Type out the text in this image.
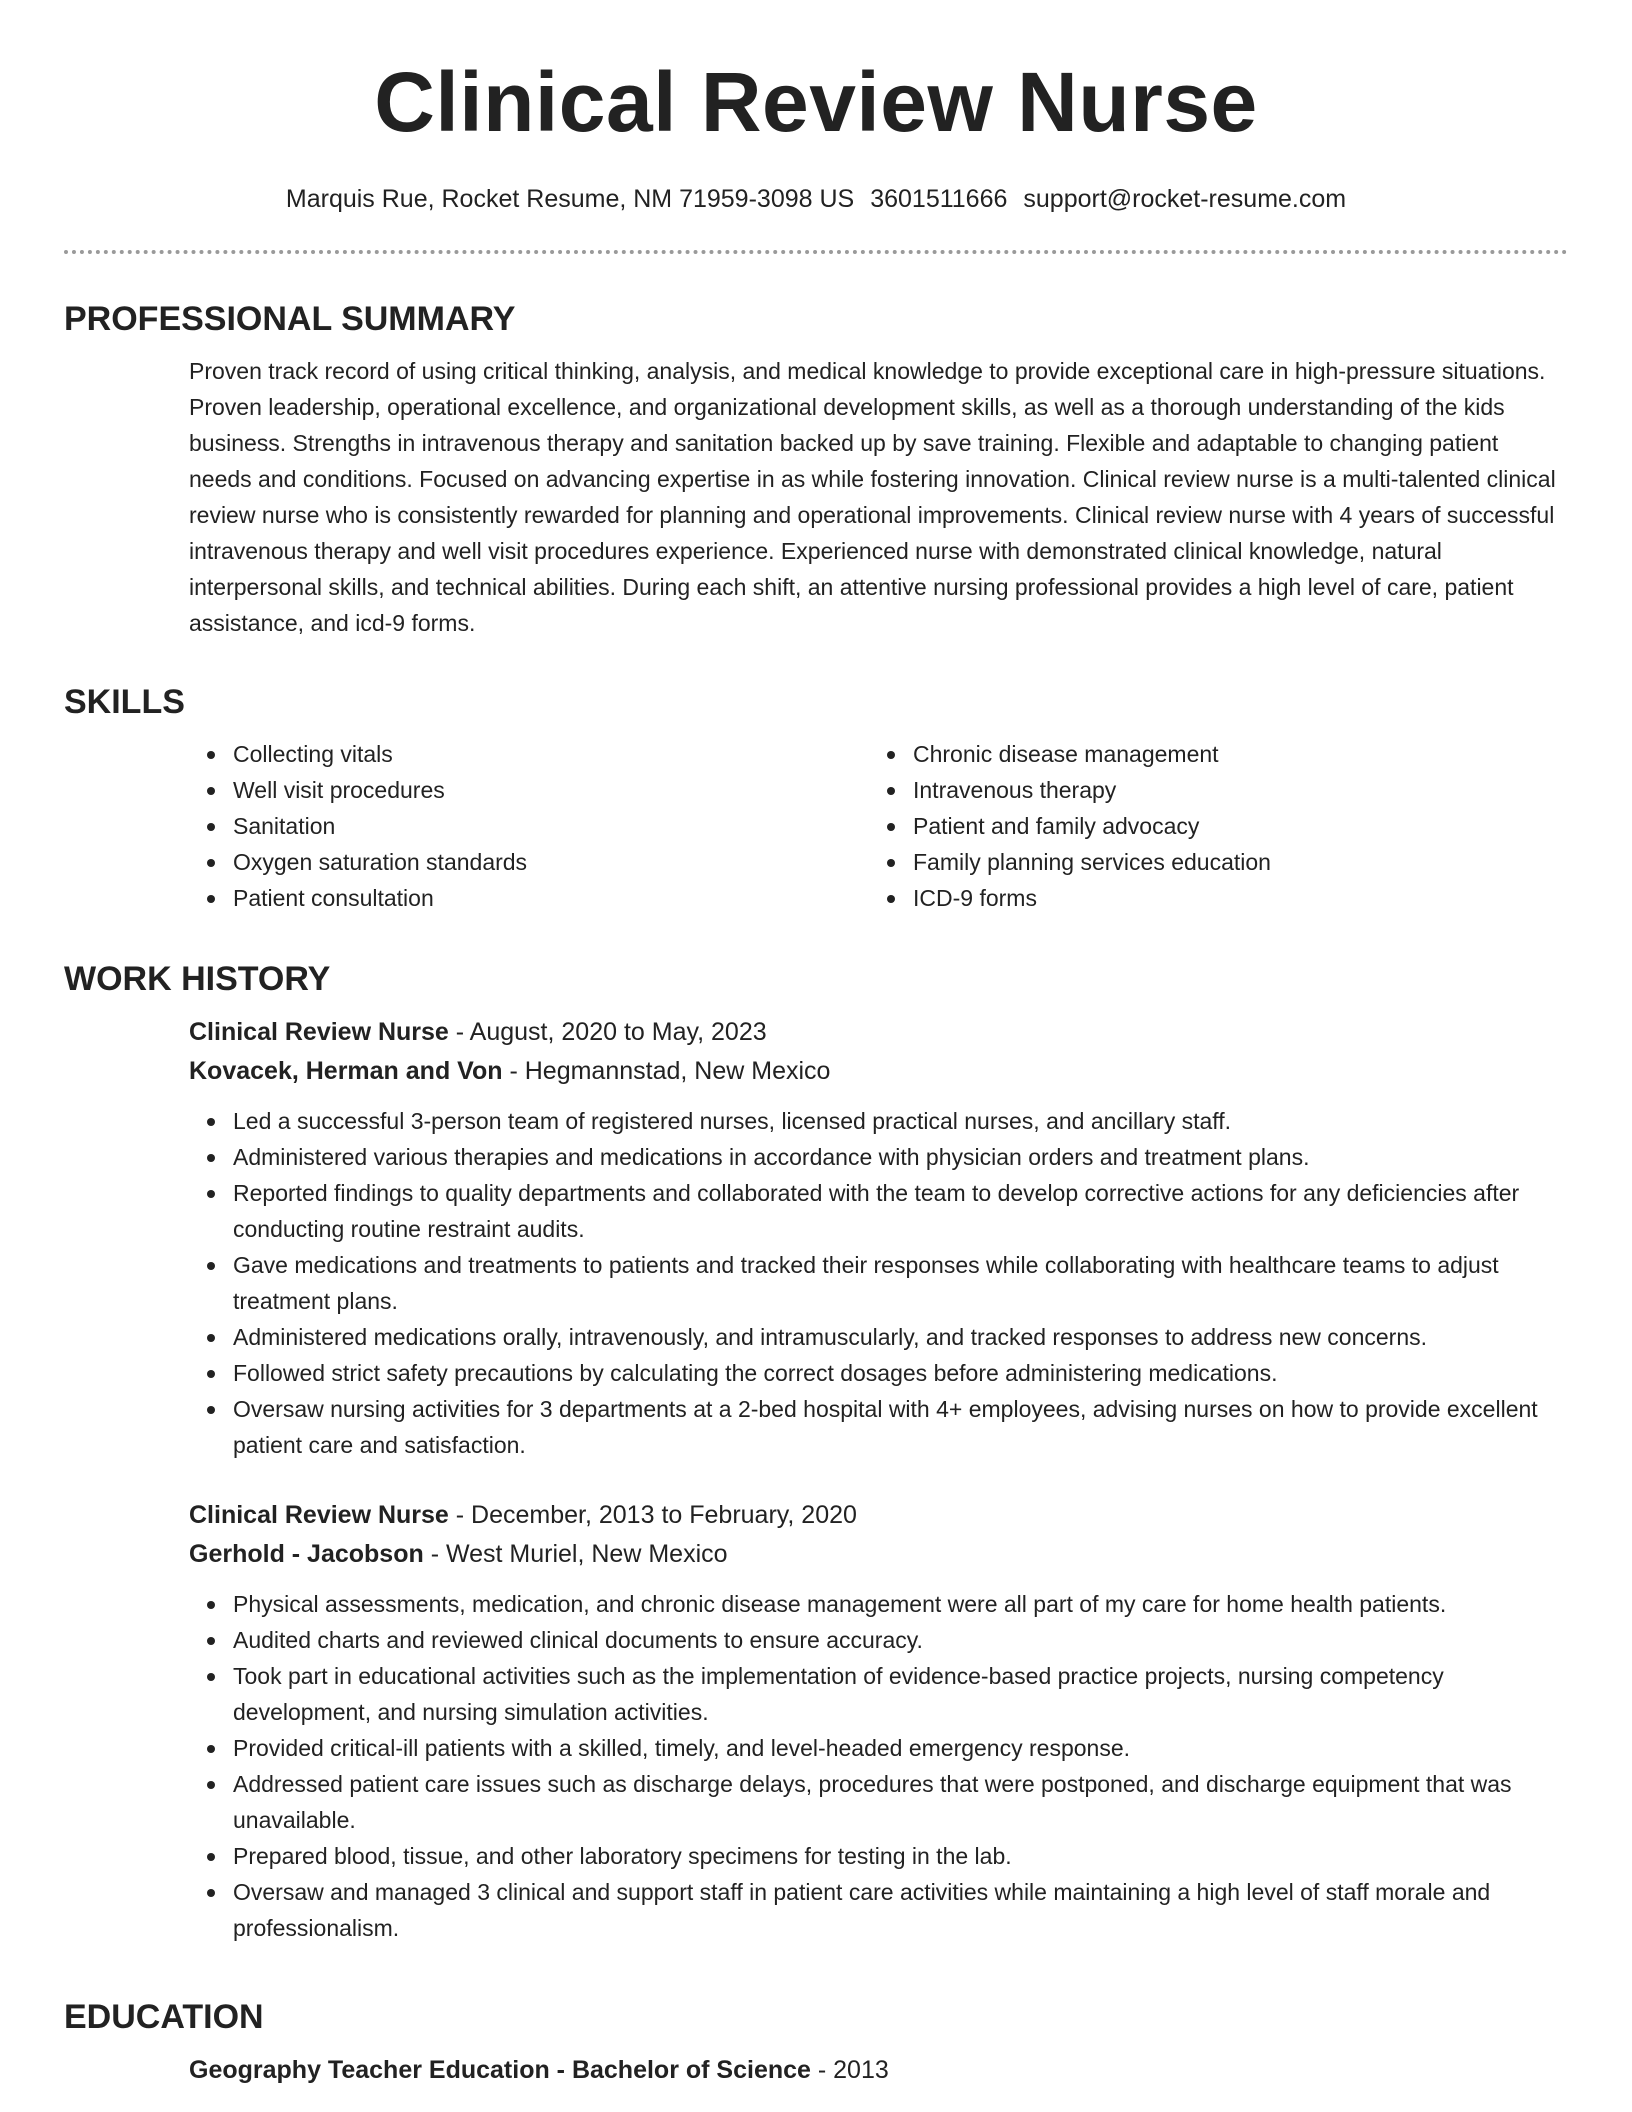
Clinical Review Nurse
Marquis Rue, Rocket Resume, NM 71959-3098 US 3601511666 support@rocket-resume.com
PROFESSIONAL SUMMARY
Proven track record of using critical thinking, analysis, and medical knowledge to provide exceptional care in high-pressure situations. Proven leadership, operational excellence, and organizational development skills, as well as a thorough understanding of the kids business. Strengths in intravenous therapy and sanitation backed up by save training. Flexible and adaptable to changing patient needs and conditions. Focused on advancing expertise in as while fostering innovation. Clinical review nurse is a multi-talented clinical review nurse who is consistently rewarded for planning and operational improvements. Clinical review nurse with 4 years of successful intravenous therapy and well visit procedures experience. Experienced nurse with demonstrated clinical knowledge, natural interpersonal skills, and technical abilities. During each shift, an attentive nursing professional provides a high level of care, patient assistance, and icd-9 forms.
SKILLS
Collecting vitals
Well visit procedures
Sanitation
Oxygen saturation standards
Patient consultation
Chronic disease management
Intravenous therapy
Patient and family advocacy
Family planning services education
ICD-9 forms
WORK HISTORY
Clinical Review Nurse - August, 2020 to May, 2023
Kovacek, Herman and Von - Hegmannstad, New Mexico
Led a successful 3-person team of registered nurses, licensed practical nurses, and ancillary staff.
Administered various therapies and medications in accordance with physician orders and treatment plans.
Reported findings to quality departments and collaborated with the team to develop corrective actions for any deficiencies after conducting routine restraint audits.
Gave medications and treatments to patients and tracked their responses while collaborating with healthcare teams to adjust treatment plans.
Administered medications orally, intravenously, and intramuscularly, and tracked responses to address new concerns.
Followed strict safety precautions by calculating the correct dosages before administering medications.
Oversaw nursing activities for 3 departments at a 2-bed hospital with 4+ employees, advising nurses on how to provide excellent patient care and satisfaction.
Clinical Review Nurse - December, 2013 to February, 2020
Gerhold - Jacobson - West Muriel, New Mexico
Physical assessments, medication, and chronic disease management were all part of my care for home health patients.
Audited charts and reviewed clinical documents to ensure accuracy.
Took part in educational activities such as the implementation of evidence-based practice projects, nursing competency development, and nursing simulation activities.
Provided critical-ill patients with a skilled, timely, and level-headed emergency response.
Addressed patient care issues such as discharge delays, procedures that were postponed, and discharge equipment that was unavailable.
Prepared blood, tissue, and other laboratory specimens for testing in the lab.
Oversaw and managed 3 clinical and support staff in patient care activities while maintaining a high level of staff morale and professionalism.
EDUCATION
Geography Teacher Education - Bachelor of Science - 2013
